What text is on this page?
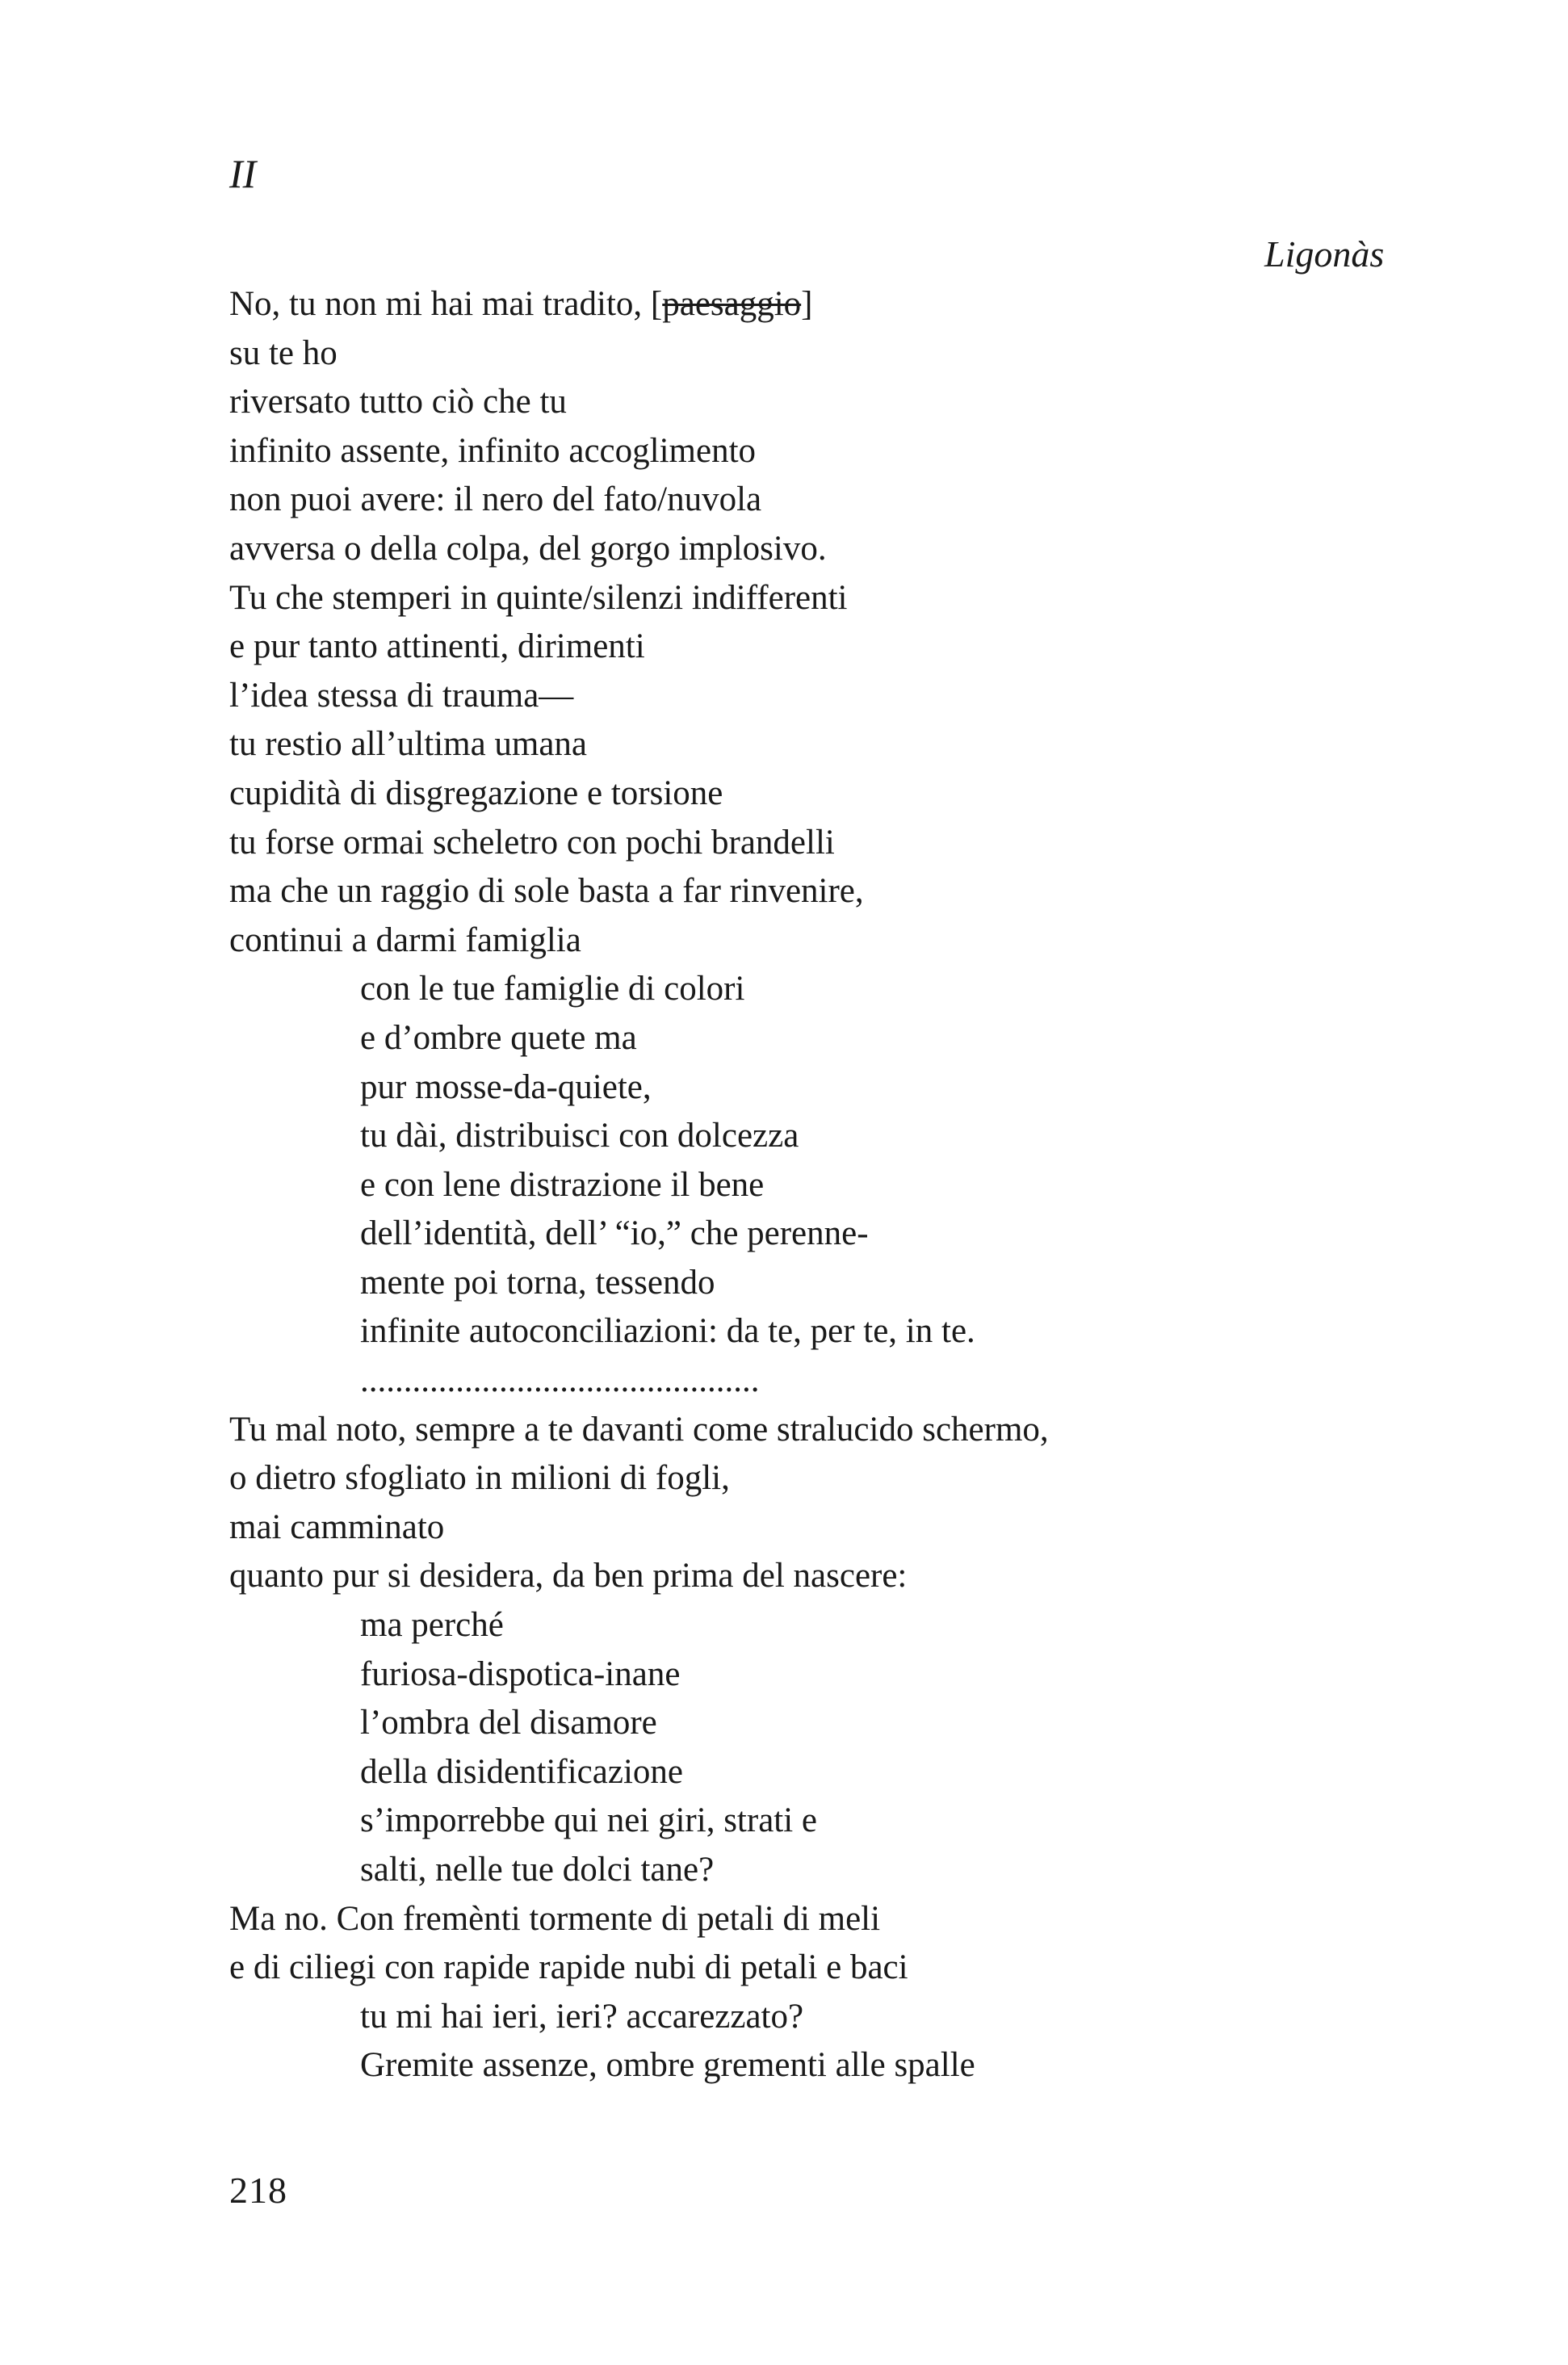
II
Ligonàs
No, tu non mi hai mai tradito, [paesaggio]
su te ho
riversato tutto ciò che tu
infinito assente, infinito accoglimento
non puoi avere: il nero del fato/nuvola
avversa o della colpa, del gorgo implosivo.
Tu che stemperi in quinte/silenzi indifferenti
e pur tanto attinenti, dirimenti
l’idea stessa di trauma—
tu restio all’ultima umana
cupidità di disgregazione e torsione
tu forse ormai scheletro con pochi brandelli
ma che un raggio di sole basta a far rinvenire,
continui a darmi famiglia
con le tue famiglie di colori
e d’ombre quete ma
pur mosse-da-quiete,
tu dài, distribuisci con dolcezza
e con lene distrazione il bene
dell’identità, dell’ “io,” che perenne-
mente poi torna, tessendo
infinite autoconciliazioni: da te, per te, in te.
..............................................
Tu mal noto, sempre a te davanti come stralucido schermo,
o dietro sfogliato in milioni di fogli,
mai camminato
quanto pur si desidera, da ben prima del nascere:
ma perché
furiosa-dispotica-inane
l’ombra del disamore
della disidentificazione
s’imporrebbe qui nei giri, strati e
salti, nelle tue dolci tane?
Ma no. Con fremènti tormente di petali di meli
e di ciliegi con rapide rapide nubi di petali e baci
tu mi hai ieri, ieri? accarezzato?
Gremite assenze, ombre grementi alle spalle
218
